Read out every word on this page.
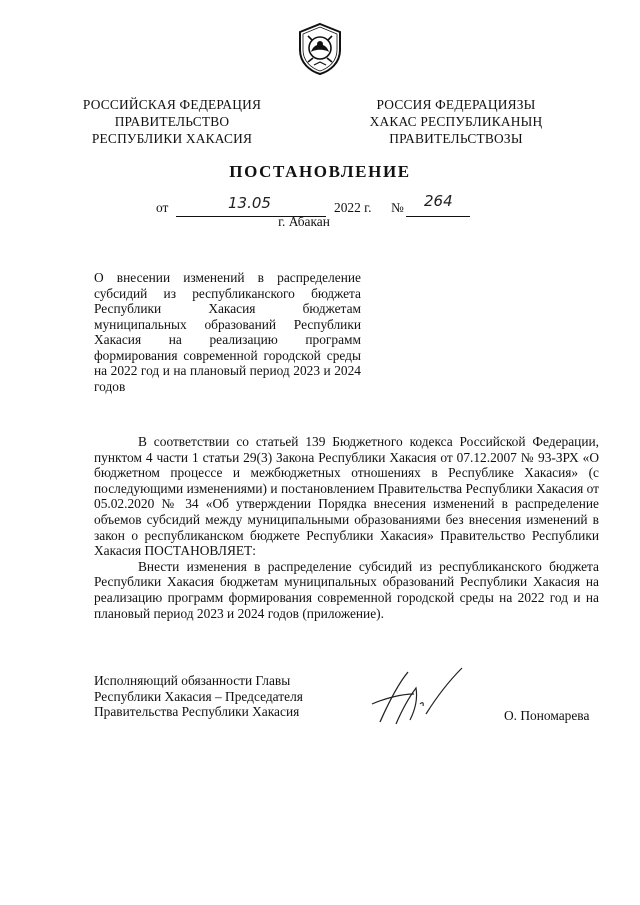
РОССИЙСКАЯ ФЕДЕРАЦИЯ
ПРАВИТЕЛЬСТВО
РЕСПУБЛИКИ ХАКАСИЯ
РОССИЯ ФЕДЕРАЦИЯЗЫ
ХАКАС РЕСПУБЛИКАНЫҢ
ПРАВИТЕЛЬСТВОЗЫ
ПОСТАНОВЛЕНИЕ
от	13.05	2022 г. № 264
г. Абакан
О внесении изменений в распределение субсидий из республиканского бюджета Республики Хакасия бюджетам муниципальных образований Республики Хакасия на реализацию программ формирования современной городской среды на 2022 год и на плановый период 2023 и 2024 годов

В соответствии со статьей 139 Бюджетного кодекса Российской Федерации, пунктом 4 части 1 статьи 29(3) Закона Республики Хакасия от 07.12.2007 № 93-ЗРХ «О бюджетном процессе и межбюджетных отношениях в Республике Хакасия» (с последующими изменениями) и постановлением Правительства Республики Хакасия от 05.02.2020 № 34 «Об утверждении Порядка внесения изменений в распределение объемов субсидий между муниципальными образованиями без внесения изменений в закон о республиканском бюджете Республики Хакасия» Правительство Республики Хакасия ПОСТАНОВЛЯЕТ:

Внести изменения в распределение субсидий из республиканского бюджета Республики Хакасия бюджетам муниципальных образований Республики Хакасия на реализацию программ формирования современной городской среды на 2022 год и на плановый период 2023 и 2024 годов (приложение).

Исполняющий обязанности Главы
Республики Хакасия – Председателя
Правительства Республики Хакасия	О. Пономарева
